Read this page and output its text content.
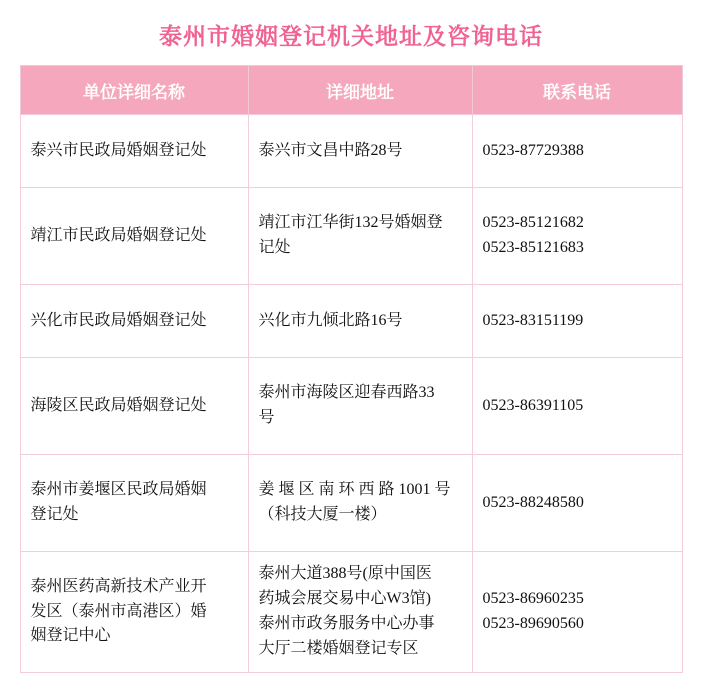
泰州市婚姻登记机关地址及咨询电话
单位详细名称	详细地址	联系电话

泰兴市民政局婚姻登记处	泰兴市文昌中路28号	0523-87729388

靖江市民政局婚姻登记处	靖江市江华街132号婚姻登
记处	0523-85121682
0523-85121683

兴化市民政局婚姻登记处	兴化市九倾北路16号	0523-83151199

海陵区民政局婚姻登记处	泰州市海陵区迎春西路33
号	0523-86391105

泰州市姜堰区民政局婚姻
登记处	姜 堰 区 南 环 西 路 1001 号
（科技大厦一楼）	0523-88248580

泰州医药高新技术产业开
发区（泰州市高港区）婚
姻登记中心	泰州大道388号(原中国医
药城会展交易中心W3馆)
泰州市政务服务中心办事
大厅二楼婚姻登记专区	0523-86960235
0523-89690560
